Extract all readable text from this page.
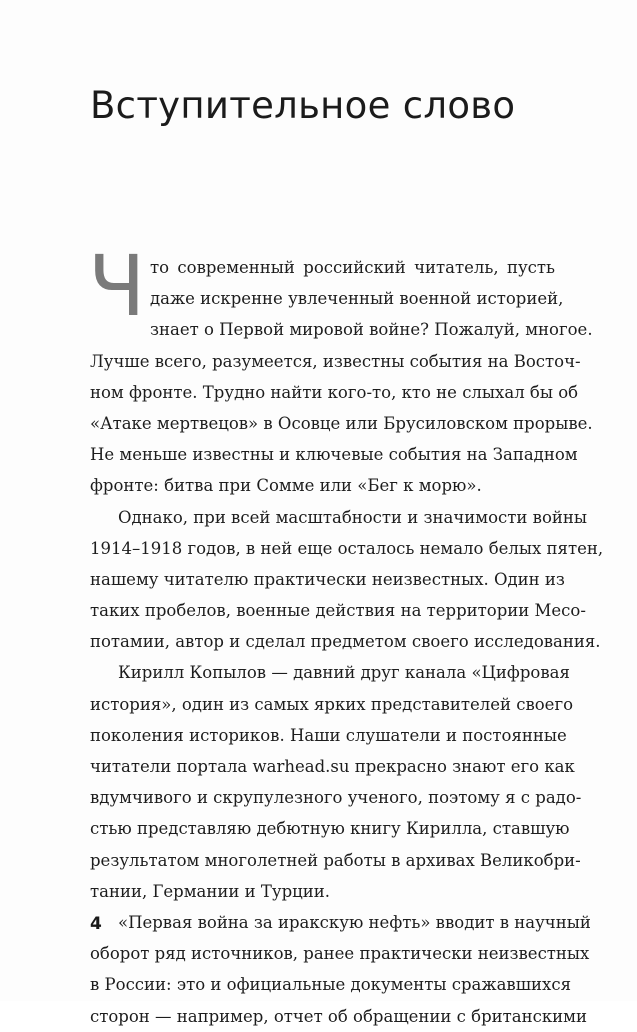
Вступительное слово
Ч то современный российский читатель, пусть
даже искренне увлеченный военной историей,
знает о Первой мировой войне? Пожалуй, многое.
Лучше всего, разумеется, известны события на Восточ-
ном фронте. Трудно найти кого-то, кто не слыхал бы об
«Атаке мертвецов» в Осовце или Брусиловском прорыве.
Не меньше известны и ключевые события на Западном
фронте: битва при Сомме или «Бег к морю».
Однако, при всей масштабности и значимости войны
1914–1918 годов, в ней еще осталось немало белых пятен,
нашему читателю практически неизвестных. Один из
таких пробелов, военные действия на территории Месо-
потамии, автор и сделал предметом своего исследования.
Кирилл Копылов — давний друг канала «Цифровая
история», один из самых ярких представителей своего
поколения историков. Наши слушатели и постоянные
читатели портала warhead.su прекрасно знают его как
вдумчивого и скрупулезного ученого, поэтому я с радо-
стью представляю дебютную книгу Кирилла, ставшую
результатом многолетней работы в архивах Великобри-
тании, Германии и Турции.
«Первая война за иракскую нефть» вводит в научный
оборот ряд источников, ранее практически неизвестных
в России: это и официальные документы сражавшихся
сторон — например, отчет об обращении с британскими
4
